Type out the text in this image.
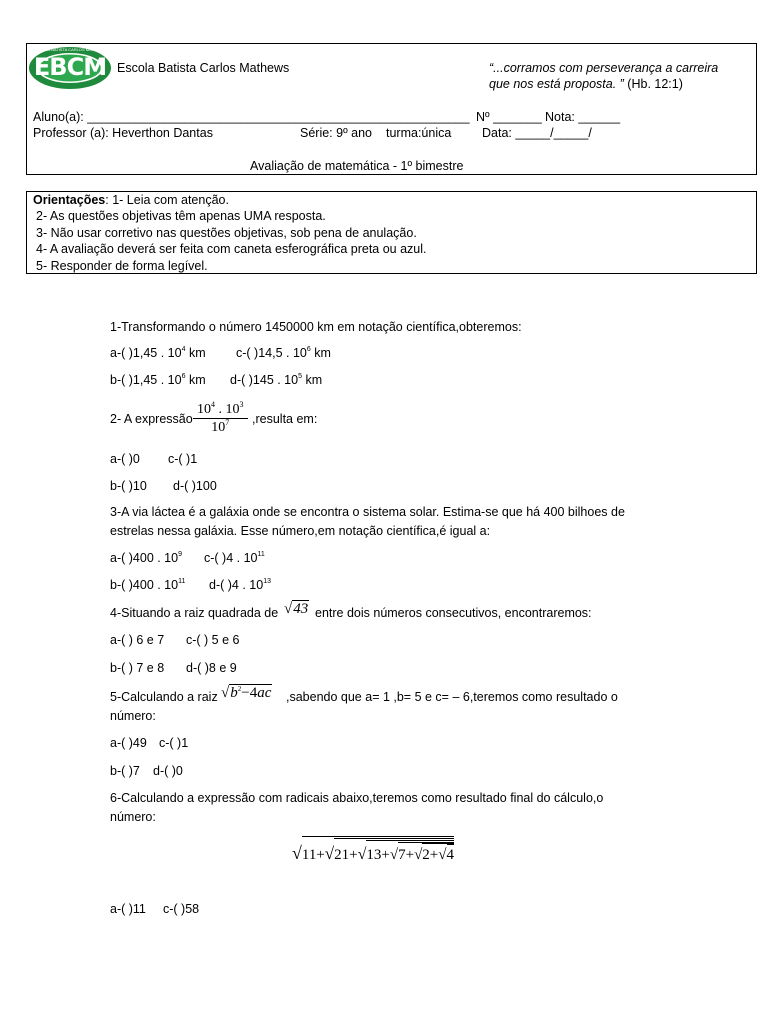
EBCM
ESCOLA BATISTA CARLOS MATHEWS
Escola Batista Carlos Mathews	“...corramos com perseverança a carreira
que nos está proposta. ” (Hb. 12:1)
Aluno(a): _______________________________________________________ Nº _______ Nota: ______
Professor (a): Heverthon Dantas	Série: 9º ano turma:única Data: _____/_____/
Avaliação de matemática - 1º bimestre
Orientações: 1- Leia com atenção.
2- As questões objetivas têm apenas UMA resposta.
3- Não usar corretivo nas questões objetivas, sob pena de anulação.
4- A avaliação deverá ser feita com caneta esferográfica preta ou azul.
5- Responder de forma legível.
1-Transformando o número 1450000 km em notação científica,obteremos:
a-( )1,45 . $10^4$ km c-( )14,5 . $10^6$ km
b-( )1,45 . $10^6$ km d-( )145 . $10^5$ km
2- A expressão $\frac{10^4 . 10^3}{10^7}$ ,resulta em:
a-( )0 c-( )1
b-( )10 d-( )100
3-A via láctea é a galáxia onde se encontra o sistema solar. Estima-se que há 400 bilhoes de
estrelas nessa galáxia. Esse número,em notação científica,é igual a:
a-( )400 . $10^9$ c-( )4 . $10^{11}$
b-( )400 . $10^{11}$ d-( )4 . $10^{13}$
4-Situando a raiz quadrada de √43 entre dois números consecutivos, encontraremos:
a-( ) 6 e 7 c-( ) 5 e 6
b-( ) 7 e 8 d-( )8 e 9
5-Calculando a raiz $√b^2-4ac$ ,sabendo que a= 1 ,b= 5 e c= – 6,teremos como resultado o
número:
a-( )49 c-( )1
b-( )7 d-( )0
6-Calculando a expressão com radicais abaixo,teremos como resultado final do cálculo,o
número:
√11+√21+√13+√7+√2+√4
a-( )11 c-( )58
